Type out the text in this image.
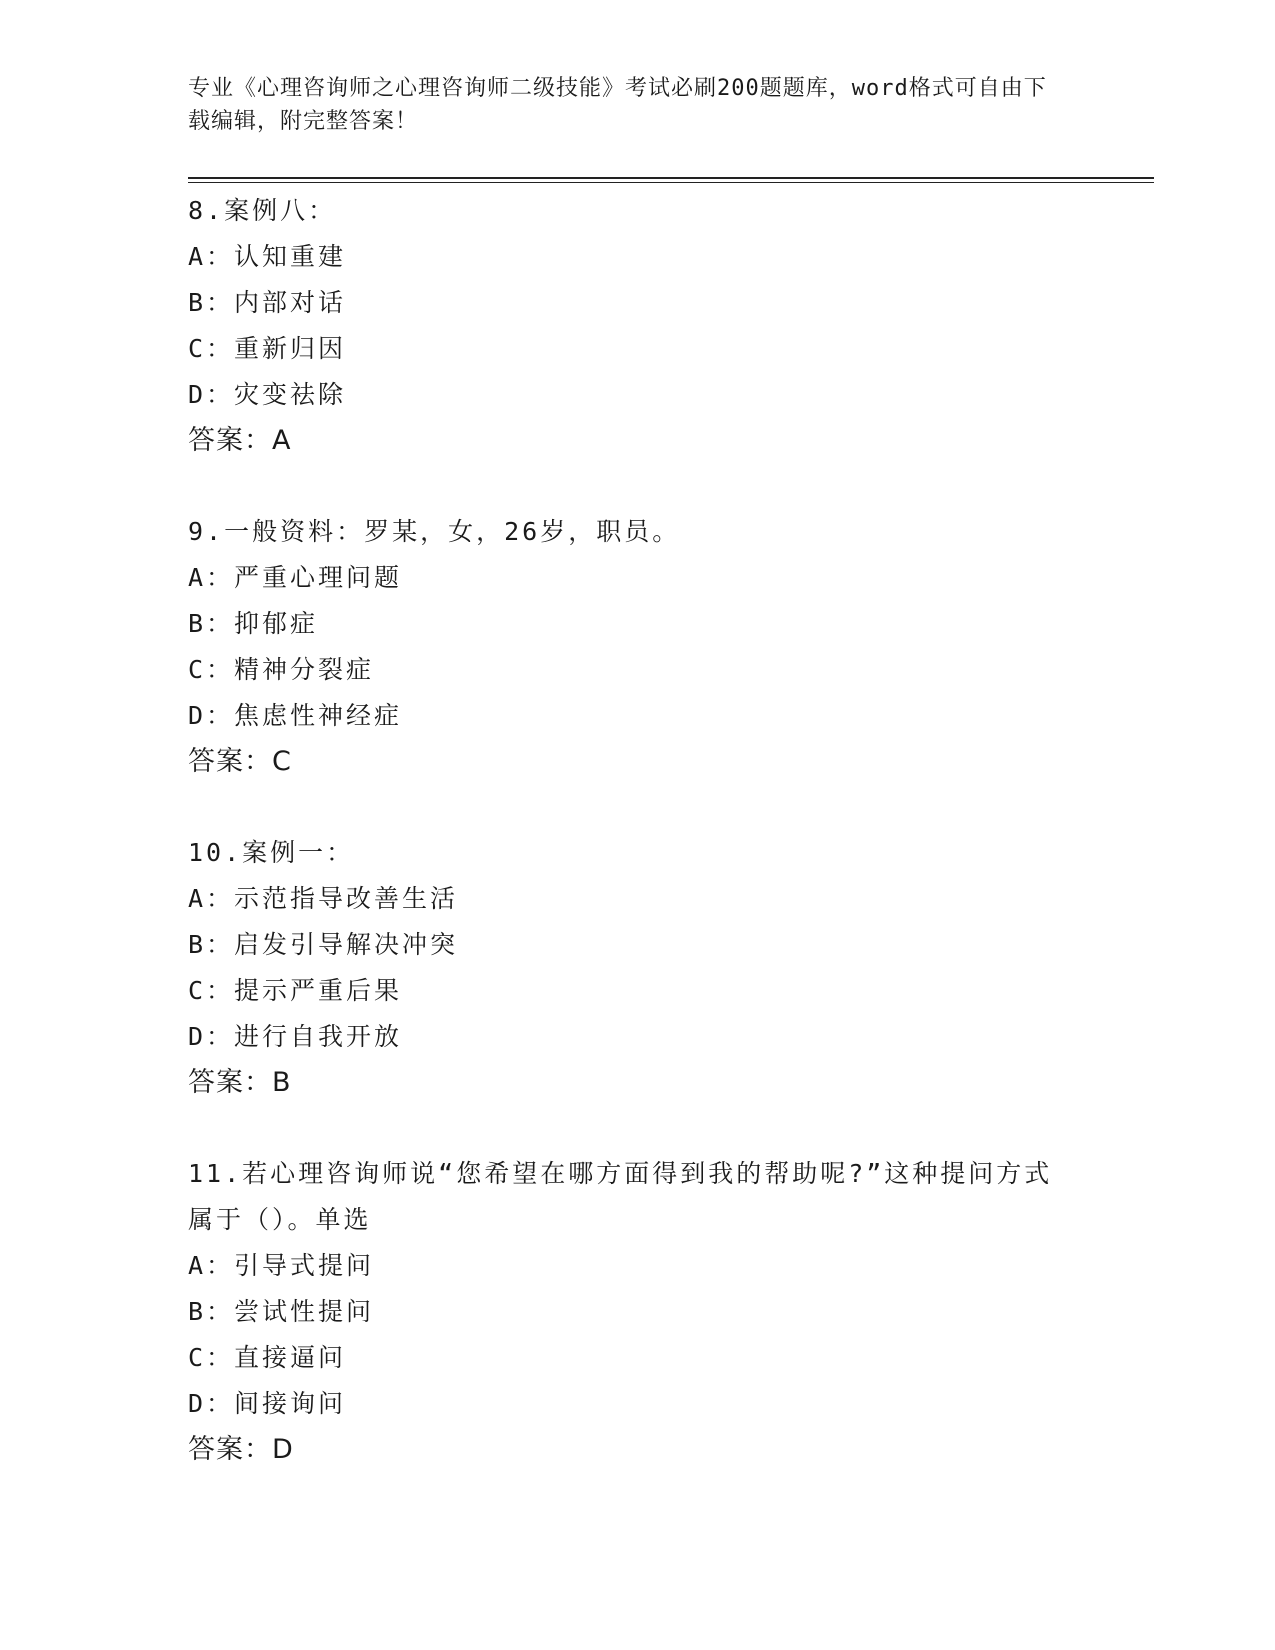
专业《心理咨询师之心理咨询师二级技能》考试必刷200题题库，word格式可自由下载编辑，附完整答案！
8.案例八：
A：认知重建
B：内部对话
C：重新归因
D：灾变祛除
答案：A
9.一般资料：罗某，女，26岁，职员。
A：严重心理问题
B：抑郁症
C：精神分裂症
D：焦虑性神经症
答案：C
10.案例一：
A：示范指导改善生活
B：启发引导解决冲突
C：提示严重后果
D：进行自我开放
答案：B
11.若心理咨询师说“您希望在哪方面得到我的帮助呢?”这种提问方式属于（）。单选
A：引导式提问
B：尝试性提问
C：直接逼问
D：间接询问
答案：D
